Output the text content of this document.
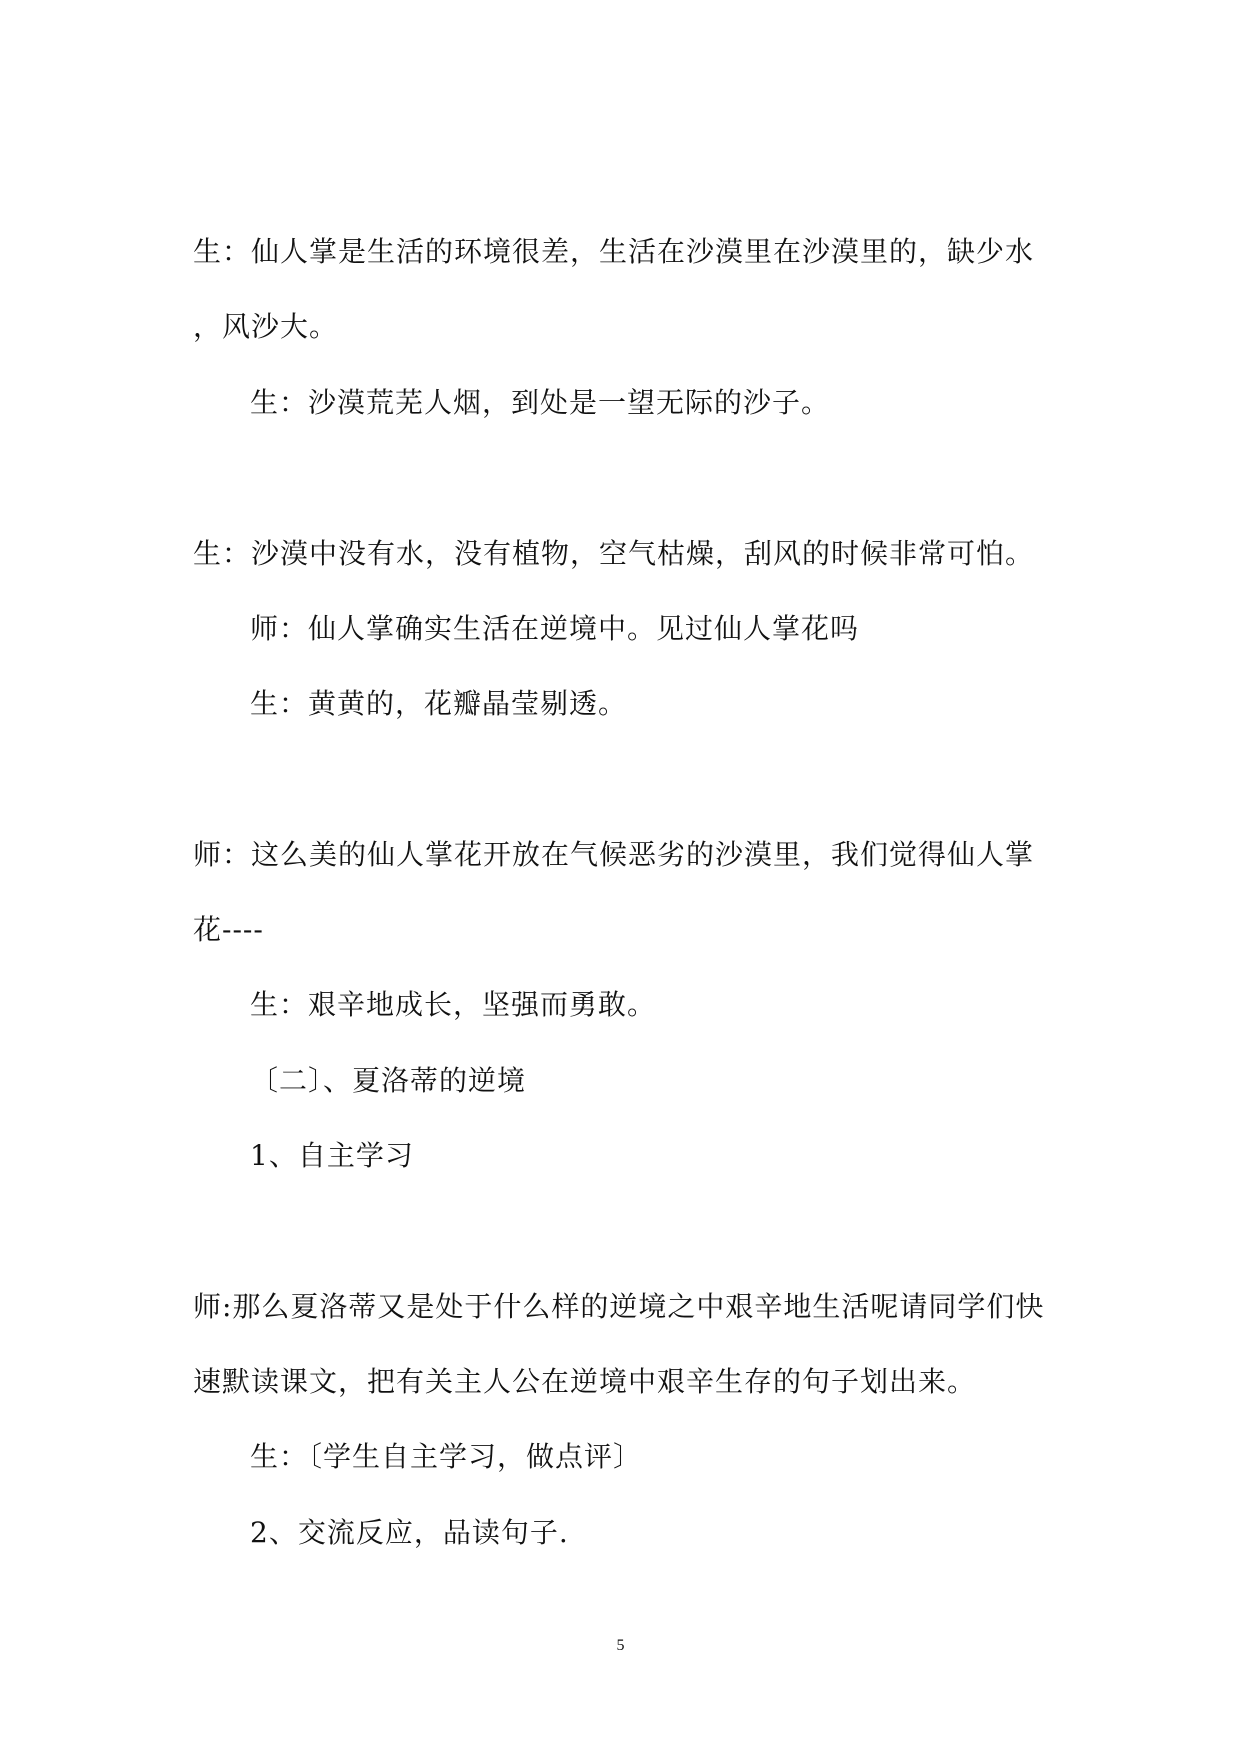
生：仙人掌是生活的环境很差，生活在沙漠里在沙漠里的，缺少水
，风沙大。
生：沙漠荒芜人烟，到处是一望无际的沙子。
生：沙漠中没有水，没有植物，空气枯燥，刮风的时候非常可怕。
师：仙人掌确实生活在逆境中。见过仙人掌花吗
生：黄黄的，花瓣晶莹剔透。
师：这么美的仙人掌花开放在气候恶劣的沙漠里，我们觉得仙人掌
花----
生：艰辛地成长，坚强而勇敢。
〔二〕、夏洛蒂的逆境
1、自主学习
师:那么夏洛蒂又是处于什么样的逆境之中艰辛地生活呢请同学们快
速默读课文，把有关主人公在逆境中艰辛生存的句子划出来。
生：〔学生自主学习，做点评〕
2、交流反应，品读句子.
5
